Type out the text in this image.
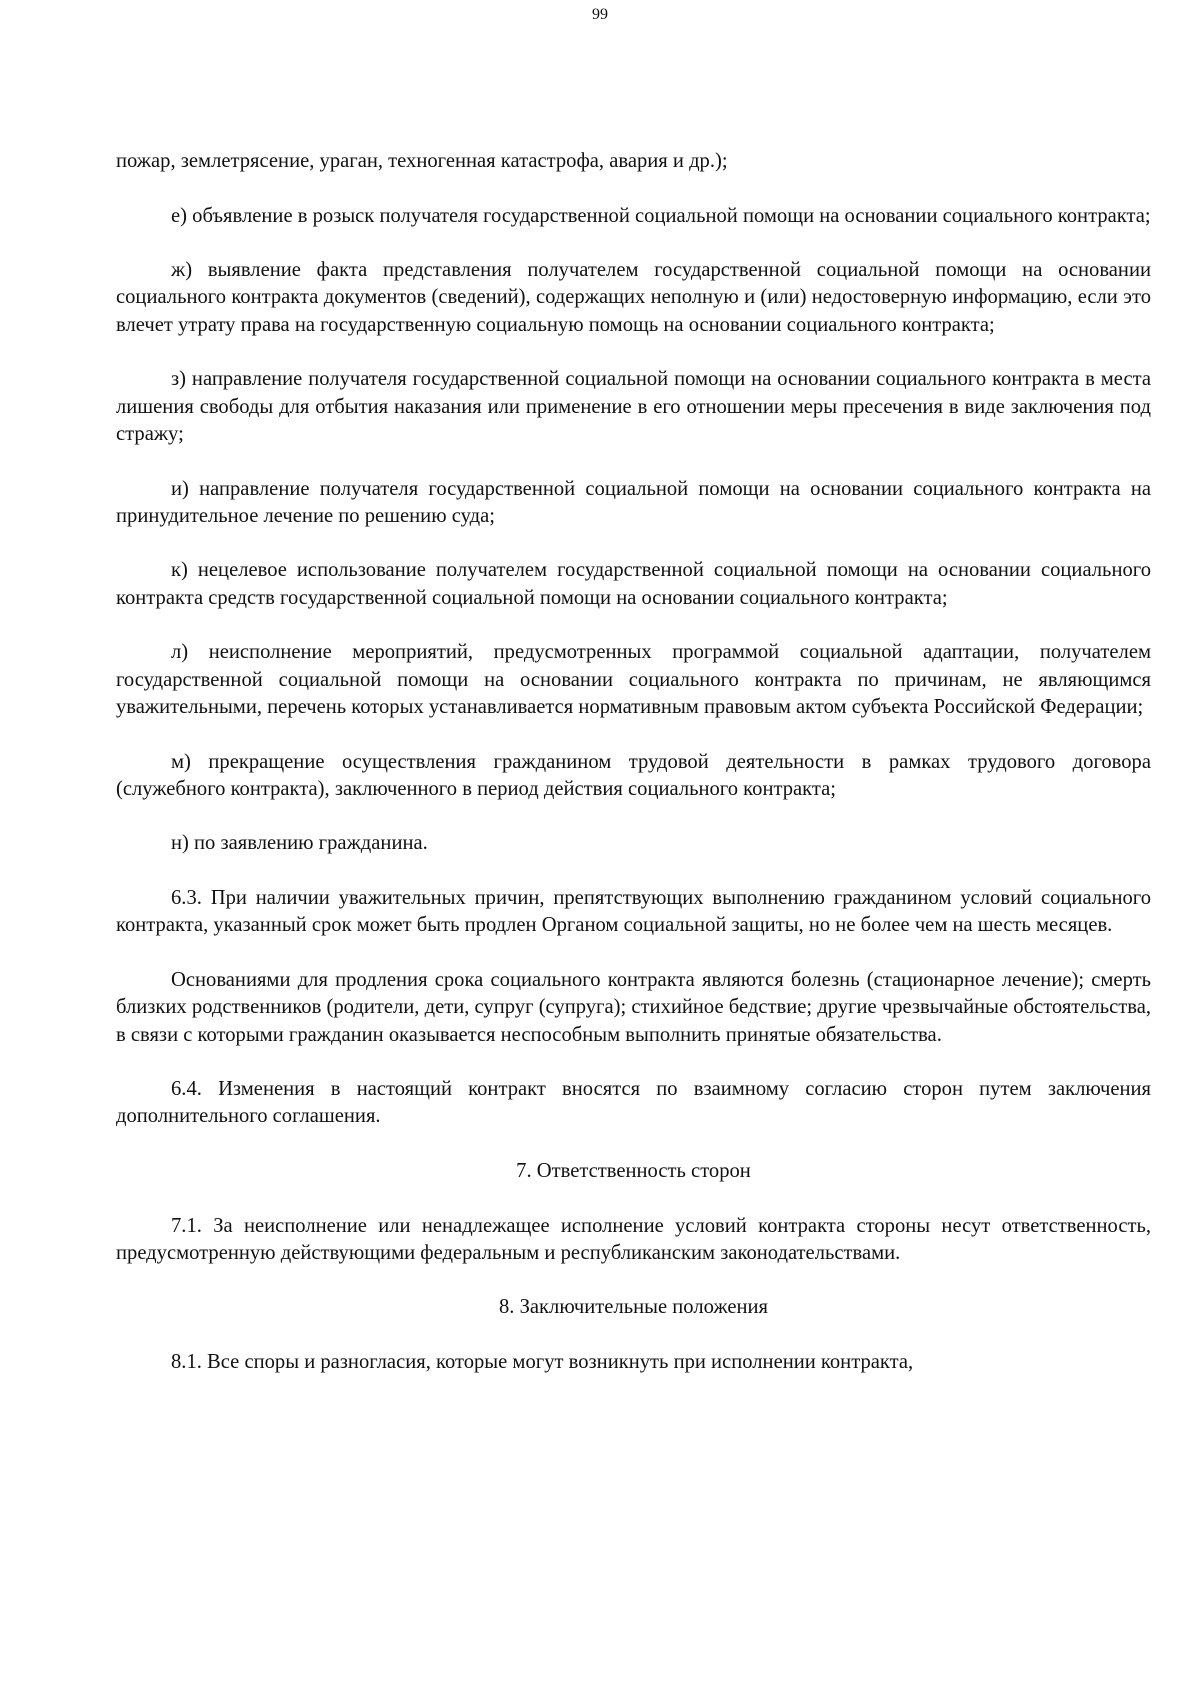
99

пожар, землетрясение, ураган, техногенная катастрофа, авария и др.);

е) объявление в розыск получателя государственной социальной помощи на основании социального контракта;

ж) выявление факта представления получателем государственной социальной помощи на основании социального контракта документов (сведений), содержащих неполную и (или) недостоверную информацию, если это влечет утрату права на государственную социальную помощь на основании социального контракта;

з) направление получателя государственной социальной помощи на основании социального контракта в места лишения свободы для отбытия наказания или применение в его отношении меры пресечения в виде заключения под стражу;

и) направление получателя государственной социальной помощи на основании социального контракта на принудительное лечение по решению суда;

к) нецелевое использование получателем государственной социальной помощи на основании социального контракта средств государственной социальной помощи на основании социального контракта;

л) неисполнение мероприятий, предусмотренных программой социальной адаптации, получателем государственной социальной помощи на основании социального контракта по причинам, не являющимся уважительными, перечень которых устанавливается нормативным правовым актом субъекта Российской Федерации;

м) прекращение осуществления гражданином трудовой деятельности в рамках трудового договора (служебного контракта), заключенного в период действия социального контракта;

н) по заявлению гражданина.

6.3. При наличии уважительных причин, препятствующих выполнению гражданином условий социального контракта, указанный срок может быть продлен Органом социальной защиты, но не более чем на шесть месяцев.

Основаниями для продления срока социального контракта являются болезнь (стационарное лечение); смерть близких родственников (родители, дети, супруг (супруга); стихийное бедствие; другие чрезвычайные обстоятельства, в связи с которыми гражданин оказывается неспособным выполнить принятые обязательства.

6.4. Изменения в настоящий контракт вносятся по взаимному согласию сторон путем заключения дополнительного соглашения.

7. Ответственность сторон

7.1. За неисполнение или ненадлежащее исполнение условий контракта стороны несут ответственность, предусмотренную действующими федеральным и республиканским законодательствами.

8. Заключительные положения

8.1. Все споры и разногласия, которые могут возникнуть при исполнении контракта,
